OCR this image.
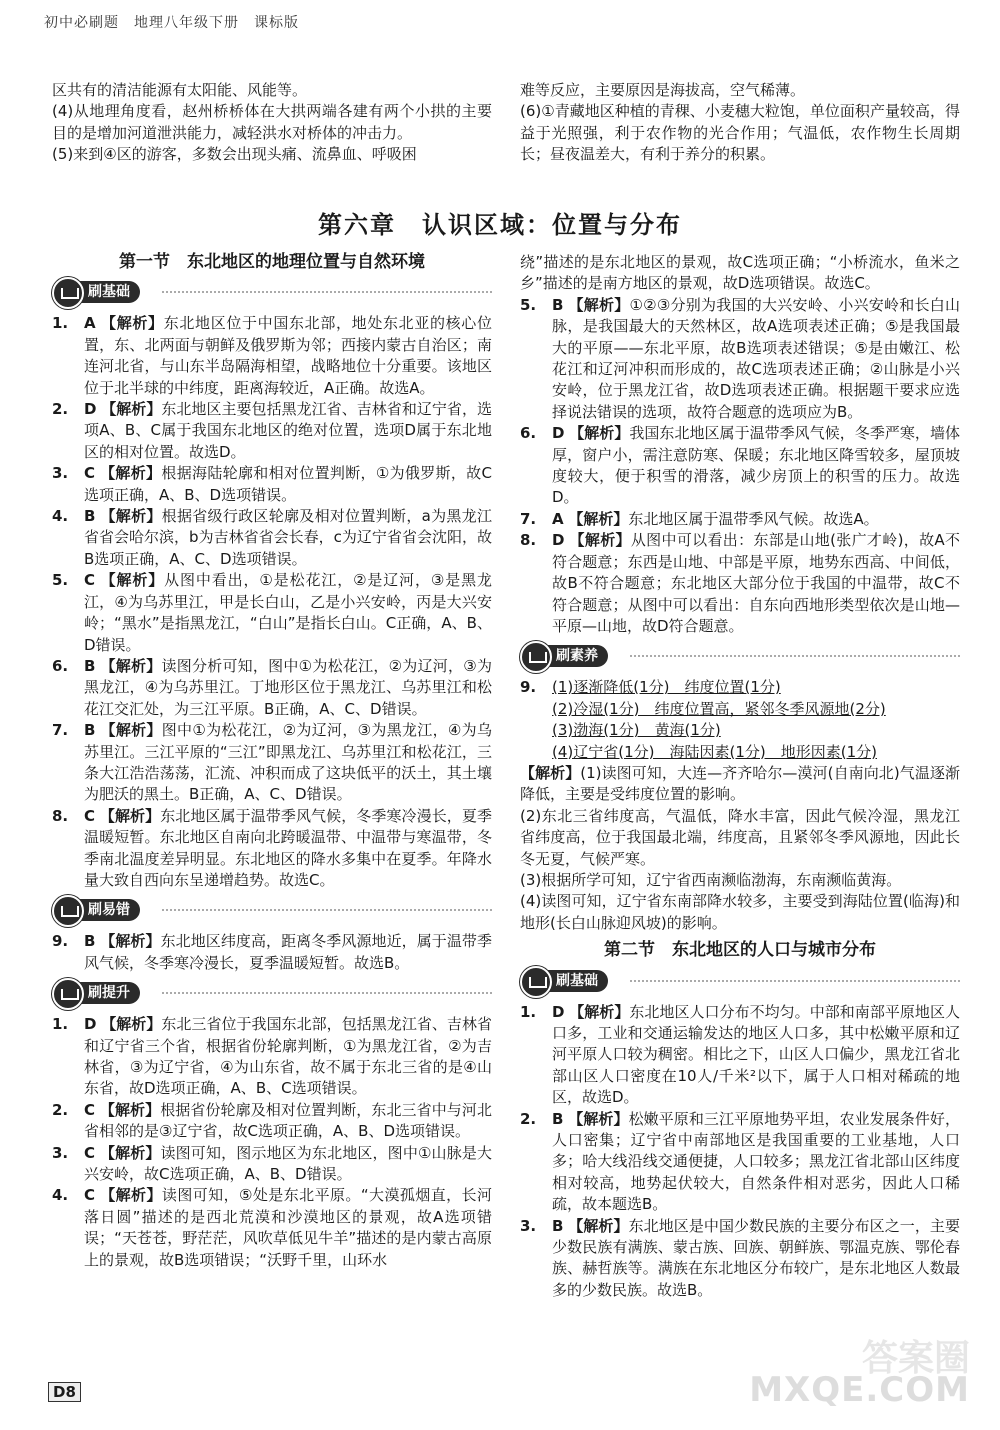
初中必刷题　地理八年级下册　课标版

区共有的清洁能源有太阳能、风能等。

(4)从地理角度看，赵州桥桥体在大拱两端各建有两个小拱的主要目的是增加河道泄洪能力，减轻洪水对桥体的冲击力。

(5)来到④区的游客，多数会出现头痛、流鼻血、呼吸困

难等反应，主要原因是海拔高，空气稀薄。

(6)①青藏地区种植的青稞、小麦穗大粒饱，单位面积产量较高，得益于光照强，利于农作物的光合作用；气温低，农作物生长周期长；昼夜温差大，有利于养分的积累。

第六章　认识区域：位置与分布

第一节　东北地区的地理位置与自然环境

刷基础
1. A 【解析】东北地区位于中国东北部，地处东北亚的核心位置，东、北两面与朝鲜及俄罗斯为邻；西接内蒙古自治区；南连河北省，与山东半岛隔海相望，战略地位十分重要。该地区位于北半球的中纬度，距离海较近，A正确。故选A。
2. D 【解析】东北地区主要包括黑龙江省、吉林省和辽宁省，选项A、B、C属于我国东北地区的绝对位置，选项D属于东北地区的相对位置。故选D。
3. C 【解析】根据海陆轮廓和相对位置判断，①为俄罗斯，故C选项正确，A、B、D选项错误。
4. B 【解析】根据省级行政区轮廓及相对位置判断，a为黑龙江省省会哈尔滨，b为吉林省省会长春，c为辽宁省省会沈阳，故B选项正确，A、C、D选项错误。
5. C 【解析】从图中看出，①是松花江，②是辽河，③是黑龙江，④为乌苏里江，甲是长白山，乙是小兴安岭，丙是大兴安岭；“黑水”是指黑龙江，“白山”是指长白山。C正确，A、B、D错误。
6. B 【解析】读图分析可知，图中①为松花江，②为辽河，③为黑龙江，④为乌苏里江。丁地形区位于黑龙江、乌苏里江和松花江交汇处，为三江平原。B正确，A、C、D错误。
7. B 【解析】图中①为松花江，②为辽河，③为黑龙江，④为乌苏里江。三江平原的“三江”即黑龙江、乌苏里江和松花江，三条大江浩浩荡荡，汇流、冲积而成了这块低平的沃土，其土壤为肥沃的黑土。B正确，A、C、D错误。
8. C 【解析】东北地区属于温带季风气候，冬季寒冷漫长，夏季温暖短暂。东北地区自南向北跨暖温带、中温带与寒温带，冬季南北温度差异明显。东北地区的降水多集中在夏季。年降水量大致自西向东呈递增趋势。故选C。
刷易错
9. B 【解析】东北地区纬度高，距离冬季风源地近，属于温带季风气候，冬季寒冷漫长，夏季温暖短暂。故选B。
刷提升
1. D 【解析】东北三省位于我国东北部，包括黑龙江省、吉林省和辽宁省三个省，根据省份轮廓判断，①为黑龙江省，②为吉林省，③为辽宁省，④为山东省，故不属于东北三省的是④山东省，故D选项正确，A、B、C选项错误。
2. C 【解析】根据省份轮廓及相对位置判断，东北三省中与河北省相邻的是③辽宁省，故C选项正确，A、B、D选项错误。
3. C 【解析】读图可知，图示地区为东北地区，图中①山脉是大兴安岭，故C选项正确，A、B、D错误。
4. C 【解析】读图可知，⑤处是东北平原。“大漠孤烟直，长河落日圆”描述的是西北荒漠和沙漠地区的景观，故A选项错误；“天苍苍，野茫茫，风吹草低见牛羊”描述的是内蒙古高原上的景观，故B选项错误；“沃野千里，山环水

绕”描述的是东北地区的景观，故C选项正确；“小桥流水，鱼米之乡”描述的是南方地区的景观，故D选项错误。故选C。

5. B 【解析】①②③分别为我国的大兴安岭、小兴安岭和长白山脉，是我国最大的天然林区，故A选项表述正确；⑤是我国最大的平原——东北平原，故B选项表述错误；⑤是由嫩江、松花江和辽河冲积而形成的，故C选项表述正确；②山脉是小兴安岭，位于黑龙江省，故D选项表述正确。根据题干要求应选择说法错误的选项，故符合题意的选项应为B。
6. D 【解析】我国东北地区属于温带季风气候，冬季严寒，墙体厚，窗户小，需注意防寒、保暖；东北地区降雪较多，屋顶坡度较大，便于积雪的滑落，减少房顶上的积雪的压力。故选D。
7. A 【解析】东北地区属于温带季风气候。故选A。
8. D 【解析】从图中可以看出：东部是山地(张广才岭)，故A不符合题意；东西是山地、中部是平原，地势东西高、中间低，故B不符合题意；东北地区大部分位于我国的中温带，故C不符合题意；从图中可以看出：自东向西地形类型依次是山地—平原—山地，故D符合题意。
刷素养
9. (1)逐渐降低(1分)　纬度位置(1分)

(2)冷湿(1分)　纬度位置高，紧邻冬季风源地(2分)

(3)渤海(1分)　黄海(1分)

(4)辽宁省(1分)　海陆因素(1分)　地形因素(1分)

【解析】(1)读图可知，大连—齐齐哈尔—漠河(自南向北)气温逐渐降低，主要是受纬度位置的影响。

(2)东北三省纬度高，气温低，降水丰富，因此气候冷湿，黑龙江省纬度高，位于我国最北端，纬度高，且紧邻冬季风源地，因此长冬无夏，气候严寒。

(3)根据所学可知，辽宁省西南濒临渤海，东南濒临黄海。

(4)读图可知，辽宁省东南部降水较多，主要受到海陆位置(临海)和地形(长白山脉迎风坡)的影响。

第二节　东北地区的人口与城市分布

刷基础
1. D 【解析】东北地区人口分布不均匀。中部和南部平原地区人口多，工业和交通运输发达的地区人口多，其中松嫩平原和辽河平原人口较为稠密。相比之下，山区人口偏少，黑龙江省北部山区人口密度在10人/千米²以下，属于人口相对稀疏的地区，故选D。
2. B 【解析】松嫩平原和三江平原地势平坦，农业发展条件好，人口密集；辽宁省中南部地区是我国重要的工业基地，人口多；哈大线沿线交通便捷，人口较多；黑龙江省北部山区纬度相对较高，地势起伏较大，自然条件相对恶劣，因此人口稀疏，故本题选B。
3. B 【解析】东北地区是中国少数民族的主要分布区之一，主要少数民族有满族、蒙古族、回族、朝鲜族、鄂温克族、鄂伦春族、赫哲族等。满族在东北地区分布较广，是东北地区人数最多的少数民族。故选B。
答案圈
MXQE.COM
D8
